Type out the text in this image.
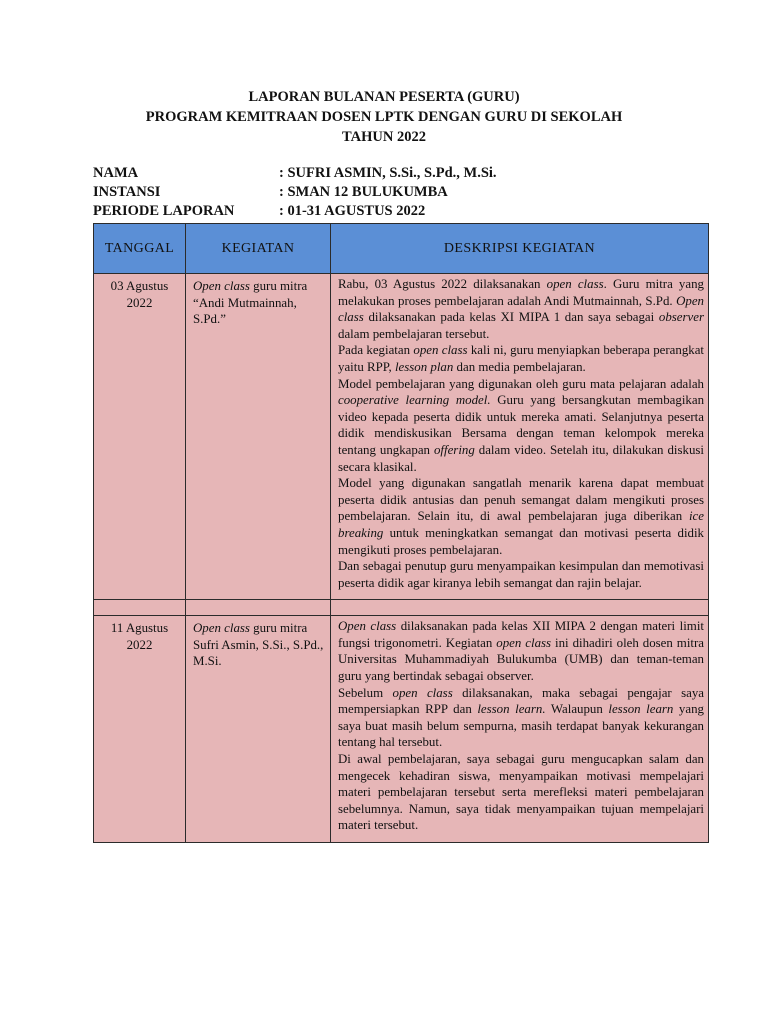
LAPORAN BULANAN PESERTA (GURU)
PROGRAM KEMITRAAN DOSEN LPTK DENGAN GURU DI SEKOLAH
TAHUN 2022
NAMA	: SUFRI ASMIN, S.Si., S.Pd., M.Si.
INSTANSI	: SMAN 12 BULUKUMBA
PERIODE LAPORAN	: 01-31 AGUSTUS 2022
TANGGAL	KEGIATAN	DESKRIPSI KEGIATAN
03 Agustus 2022	Open class guru mitra “Andi Mutmainnah, S.Pd.”	Rabu, 03 Agustus 2022 dilaksanakan open class. Guru mitra yang melakukan proses pembelajaran adalah Andi Mutmainnah, S.Pd. Open class dilaksanakan pada kelas XI MIPA 1 dan saya sebagai observer dalam pembelajaran tersebut.

Pada kegiatan open class kali ni, guru menyiapkan beberapa perangkat yaitu RPP, lesson plan dan media pembelajaran.

Model pembelajaran yang digunakan oleh guru mata pelajaran adalah cooperative learning model. Guru yang bersangkutan membagikan video kepada peserta didik untuk mereka amati. Selanjutnya peserta didik mendiskusikan Bersama dengan teman kelompok mereka tentang ungkapan offering dalam video. Setelah itu, dilakukan diskusi secara klasikal.

Model yang digunakan sangatlah menarik karena dapat membuat peserta didik antusias dan penuh semangat dalam mengikuti proses pembelajaran. Selain itu, di awal pembelajaran juga diberikan ice breaking untuk meningkatkan semangat dan motivasi peserta didik mengikuti proses pembelajaran.

Dan sebagai penutup guru menyampaikan kesimpulan dan memotivasi peserta didik agar kiranya lebih semangat dan rajin belajar.

11 Agustus 2022	Open class guru mitra Sufri Asmin, S.Si., S.Pd., M.Si.	Open class dilaksanakan pada kelas XII MIPA 2 dengan materi limit fungsi trigonometri. Kegiatan open class ini dihadiri oleh dosen mitra Universitas Muhammadiyah Bulukumba (UMB) dan teman-teman guru yang bertindak sebagai observer.

Sebelum open class dilaksanakan, maka sebagai pengajar saya mempersiapkan RPP dan lesson learn. Walaupun lesson learn yang saya buat masih belum sempurna, masih terdapat banyak kekurangan tentang hal tersebut.

Di awal pembelajaran, saya sebagai guru mengucapkan salam dan mengecek kehadiran siswa, menyampaikan motivasi mempelajari materi pembelajaran tersebut serta merefleksi materi pembelajaran sebelumnya. Namun, saya tidak menyampaikan tujuan mempelajari materi tersebut.
